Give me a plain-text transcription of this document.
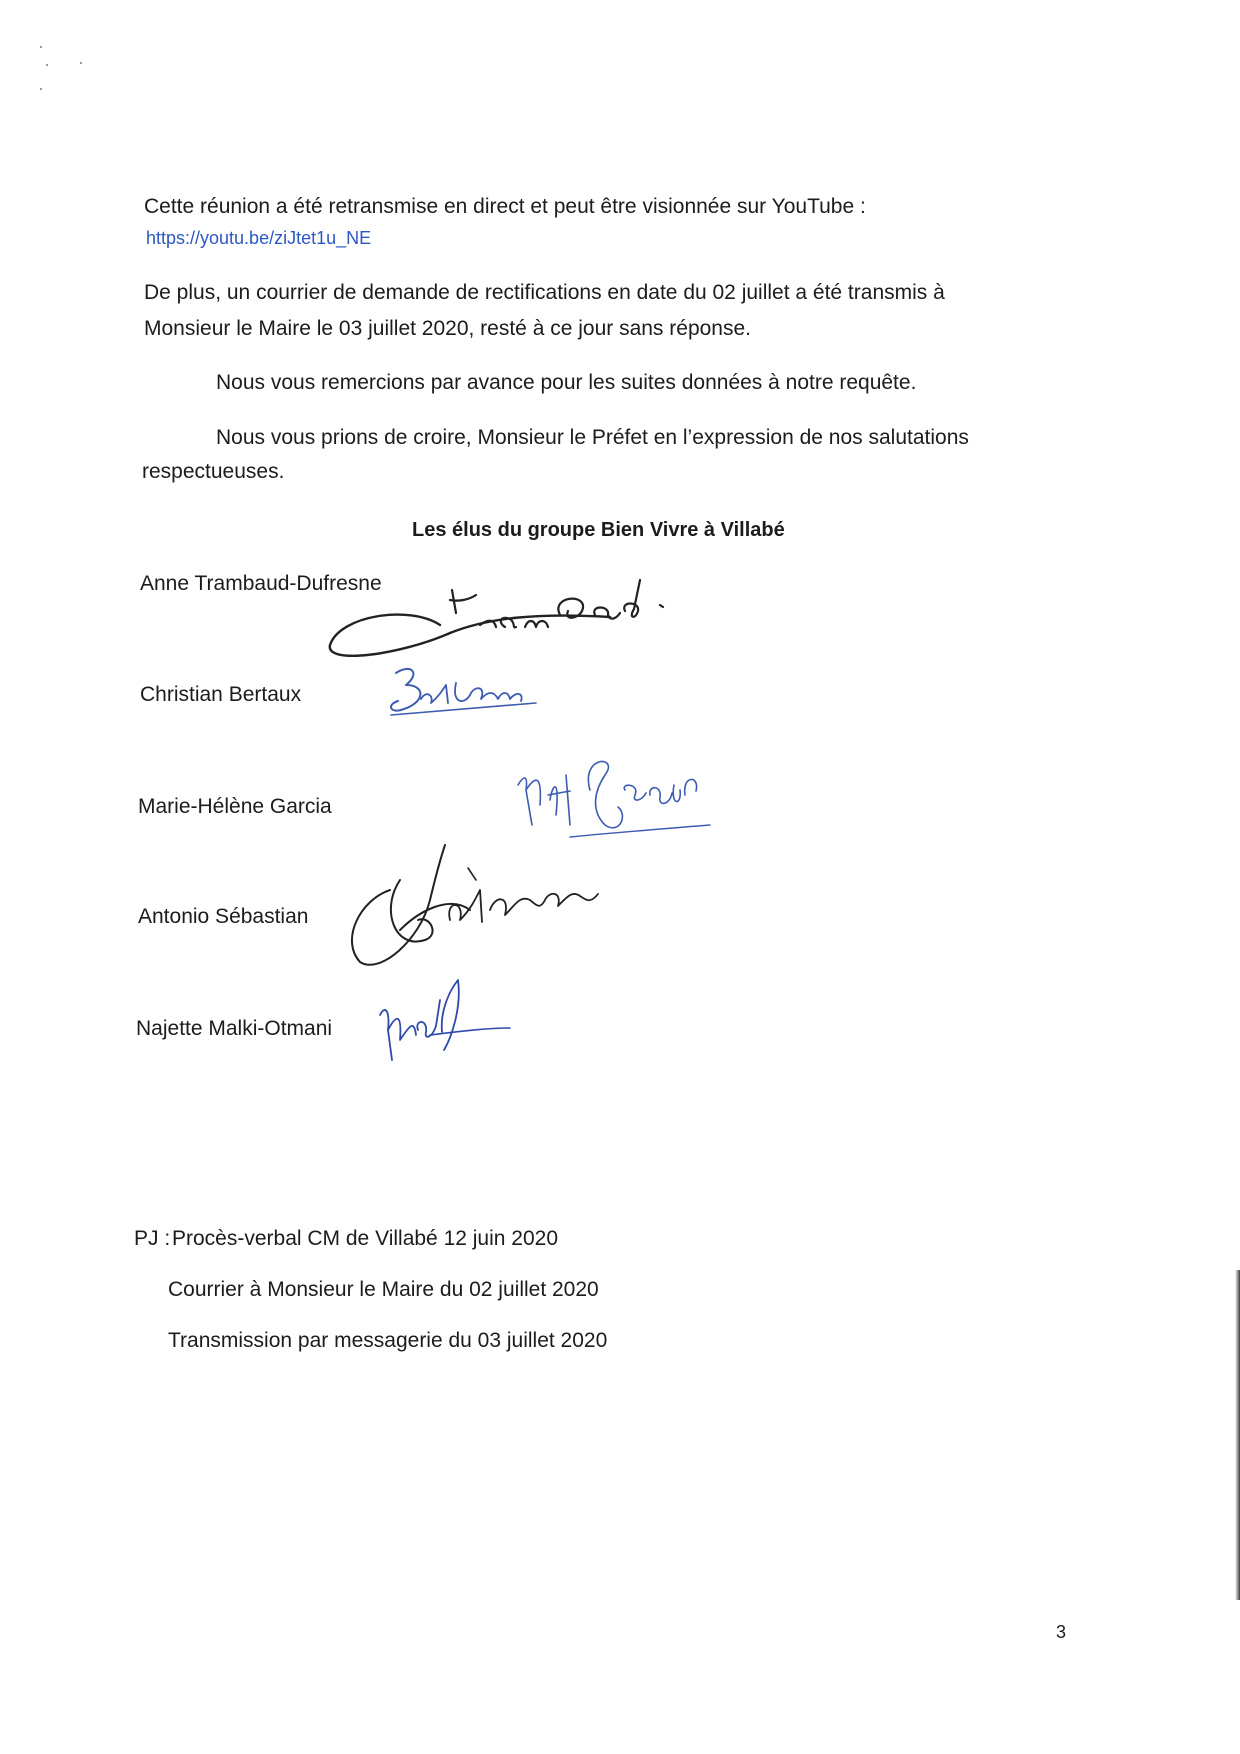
Cette réunion a été retransmise en direct et peut être visionnée sur YouTube :
https://youtu.be/ziJtet1u_NE
De plus, un courrier de demande de rectifications en date du 02 juillet a été transmis à
Monsieur le Maire le 03 juillet 2020, resté à ce jour sans réponse.
Nous vous remercions par avance pour les suites données à notre requête.
Nous vous prions de croire, Monsieur le Préfet en l’expression de nos salutations
respectueuses.
Les élus du groupe Bien Vivre à Villabé
Anne Trambaud-Dufresne
Christian Bertaux
Marie-Hélène Garcia
Antonio Sébastian
Najette Malki-Otmani
PJ : Procès-verbal CM de Villabé 12 juin 2020
Courrier à Monsieur le Maire du 02 juillet 2020
Transmission par messagerie du 03 juillet 2020
3
